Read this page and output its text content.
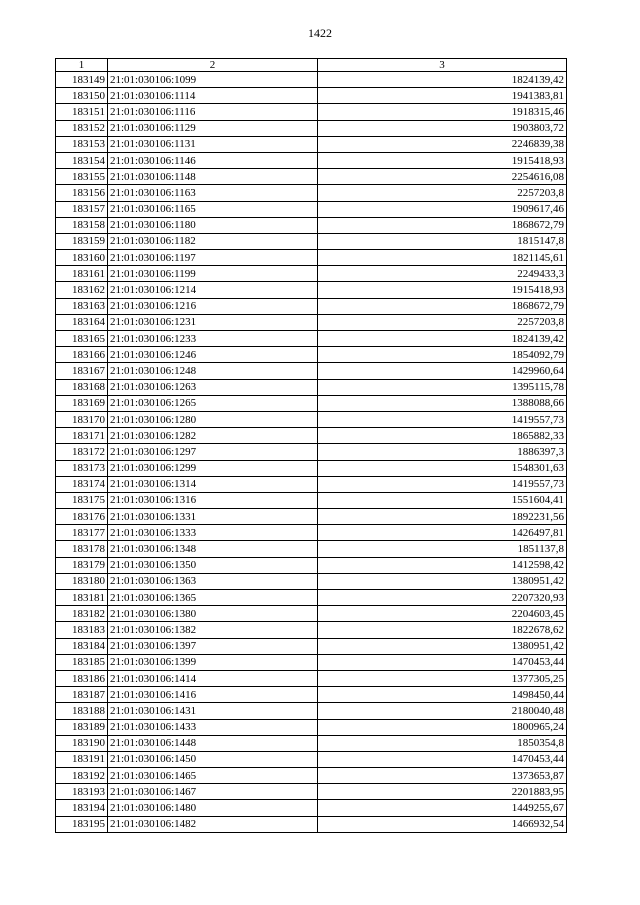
1422
1	2	3
183149	21:01:030106:1099	1824139,42
183150	21:01:030106:1114	1941383,81
183151	21:01:030106:1116	1918315,46
183152	21:01:030106:1129	1903803,72
183153	21:01:030106:1131	2246839,38
183154	21:01:030106:1146	1915418,93
183155	21:01:030106:1148	2254616,08
183156	21:01:030106:1163	2257203,8
183157	21:01:030106:1165	1909617,46
183158	21:01:030106:1180	1868672,79
183159	21:01:030106:1182	1815147,8
183160	21:01:030106:1197	1821145,61
183161	21:01:030106:1199	2249433,3
183162	21:01:030106:1214	1915418,93
183163	21:01:030106:1216	1868672,79
183164	21:01:030106:1231	2257203,8
183165	21:01:030106:1233	1824139,42
183166	21:01:030106:1246	1854092,79
183167	21:01:030106:1248	1429960,64
183168	21:01:030106:1263	1395115,78
183169	21:01:030106:1265	1388088,66
183170	21:01:030106:1280	1419557,73
183171	21:01:030106:1282	1865882,33
183172	21:01:030106:1297	1886397,3
183173	21:01:030106:1299	1548301,63
183174	21:01:030106:1314	1419557,73
183175	21:01:030106:1316	1551604,41
183176	21:01:030106:1331	1892231,56
183177	21:01:030106:1333	1426497,81
183178	21:01:030106:1348	1851137,8
183179	21:01:030106:1350	1412598,42
183180	21:01:030106:1363	1380951,42
183181	21:01:030106:1365	2207320,93
183182	21:01:030106:1380	2204603,45
183183	21:01:030106:1382	1822678,62
183184	21:01:030106:1397	1380951,42
183185	21:01:030106:1399	1470453,44
183186	21:01:030106:1414	1377305,25
183187	21:01:030106:1416	1498450,44
183188	21:01:030106:1431	2180040,48
183189	21:01:030106:1433	1800965,24
183190	21:01:030106:1448	1850354,8
183191	21:01:030106:1450	1470453,44
183192	21:01:030106:1465	1373653,87
183193	21:01:030106:1467	2201883,95
183194	21:01:030106:1480	1449255,67
183195	21:01:030106:1482	1466932,54
